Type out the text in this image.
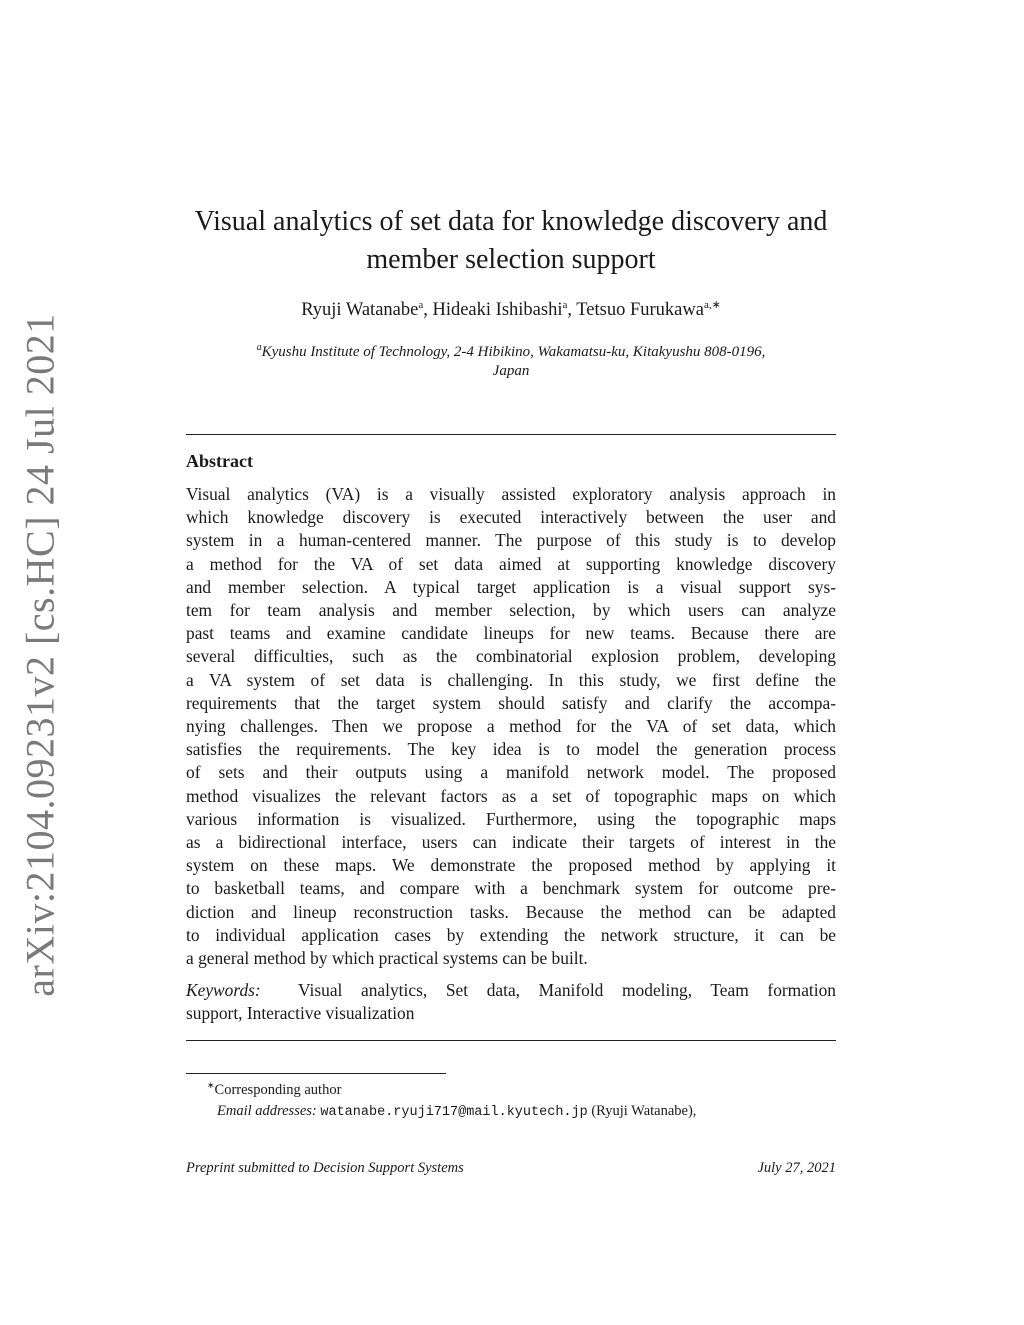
arXiv:2104.09231v2 [cs.HC] 24 Jul 2021
Visual analytics of set data for knowledge discovery and
member selection support
Ryuji Watanabe$^a$, Hideaki Ishibashi$^a$, Tetsuo Furukawa$^{a,∗}$
$^a$Kyushu Institute of Technology, 2-4 Hibikino, Wakamatsu-ku, Kitakyushu 808-0196,
Japan
Abstract
Visual analytics (VA) is a visually assisted exploratory analysis approach in
which knowledge discovery is executed interactively between the user and
system in a human-centered manner. The purpose of this study is to develop
a method for the VA of set data aimed at supporting knowledge discovery
and member selection. A typical target application is a visual support sys-
tem for team analysis and member selection, by which users can analyze
past teams and examine candidate lineups for new teams. Because there are
several difficulties, such as the combinatorial explosion problem, developing
a VA system of set data is challenging. In this study, we first define the
requirements that the target system should satisfy and clarify the accompa-
nying challenges. Then we propose a method for the VA of set data, which
satisfies the requirements. The key idea is to model the generation process
of sets and their outputs using a manifold network model. The proposed
method visualizes the relevant factors as a set of topographic maps on which
various information is visualized. Furthermore, using the topographic maps
as a bidirectional interface, users can indicate their targets of interest in the
system on these maps. We demonstrate the proposed method by applying it
to basketball teams, and compare with a benchmark system for outcome pre-
diction and lineup reconstruction tasks. Because the method can be adapted
to individual application cases by extending the network structure, it can be
a general method by which practical systems can be built.
Keywords: Visual analytics, Set data, Manifold modeling, Team formation
support, Interactive visualization
∗Corresponding author
Email addresses: watanabe.ryuji717@mail.kyutech.jp (Ryuji Watanabe),
Preprint submitted to Decision Support Systems	July 27, 2021
